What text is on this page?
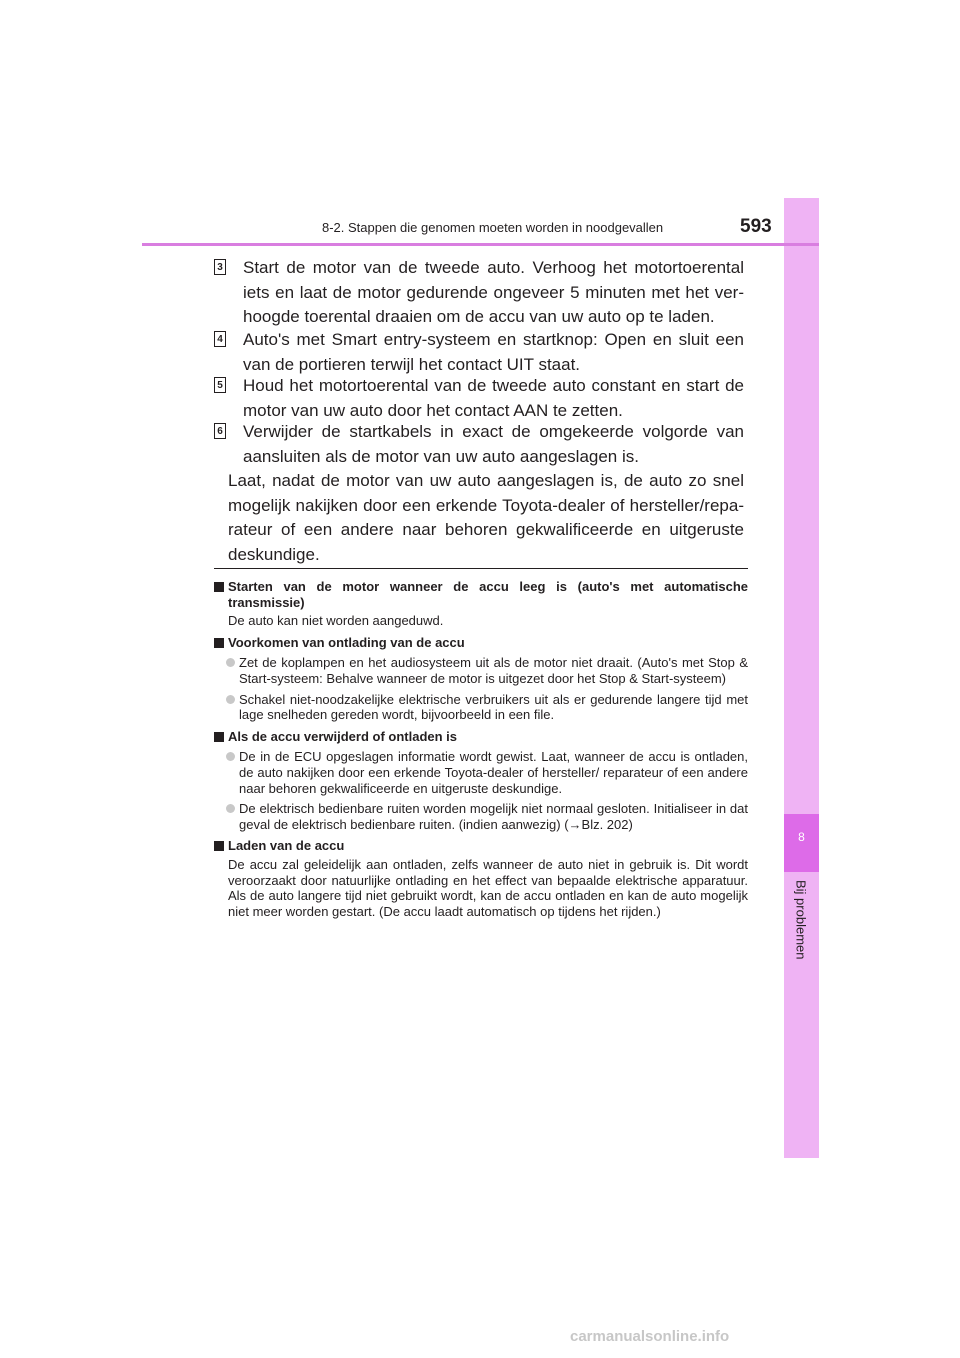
8
Bij problemen
8-2. Stappen die genomen moeten worden in noodgevallen	593
3 Start de motor van de tweede auto. Verhoog het motortoerental iets en laat de motor gedurende ongeveer 5 minuten met het verhoogde toerental draaien om de accu van uw auto op te laden.
4 Auto's met Smart entry-systeem en startknop: Open en sluit een van de portieren terwijl het contact UIT staat.
5 Houd het motortoerental van de tweede auto constant en start de motor van uw auto door het contact AAN te zetten.
6 Verwijder de startkabels in exact de omgekeerde volgorde van aansluiten als de motor van uw auto aangeslagen is.
Laat, nadat de motor van uw auto aangeslagen is, de auto zo snel mogelijk nakijken door een erkende Toyota-dealer of hersteller/reparateur of een andere naar behoren gekwalificeerde en uitgeruste deskundige.
Starten van de motor wanneer de accu leeg is (auto's met automatische transmissie)
De auto kan niet worden aangeduwd.
Voorkomen van ontlading van de accu
Zet de koplampen en het audiosysteem uit als de motor niet draait. (Auto's met Stop & Start-systeem: Behalve wanneer de motor is uitgezet door het Stop & Start-systeem)
Schakel niet-noodzakelijke elektrische verbruikers uit als er gedurende langere tijd met lage snelheden gereden wordt, bijvoorbeeld in een file.
Als de accu verwijderd of ontladen is
De in de ECU opgeslagen informatie wordt gewist. Laat, wanneer de accu is ontladen, de auto nakijken door een erkende Toyota-dealer of hersteller/ reparateur of een andere naar behoren gekwalificeerde en uitgeruste deskundige.
De elektrisch bedienbare ruiten worden mogelijk niet normaal gesloten. Initialiseer in dat geval de elektrisch bedienbare ruiten. (indien aanwezig) (→Blz. 202)
Laden van de accu
De accu zal geleidelijk aan ontladen, zelfs wanneer de auto niet in gebruik is. Dit wordt veroorzaakt door natuurlijke ontlading en het effect van bepaalde elektrische apparatuur. Als de auto langere tijd niet gebruikt wordt, kan de accu ontladen en kan de auto mogelijk niet meer worden gestart. (De accu laadt automatisch op tijdens het rijden.)
carmanualsonline.info
